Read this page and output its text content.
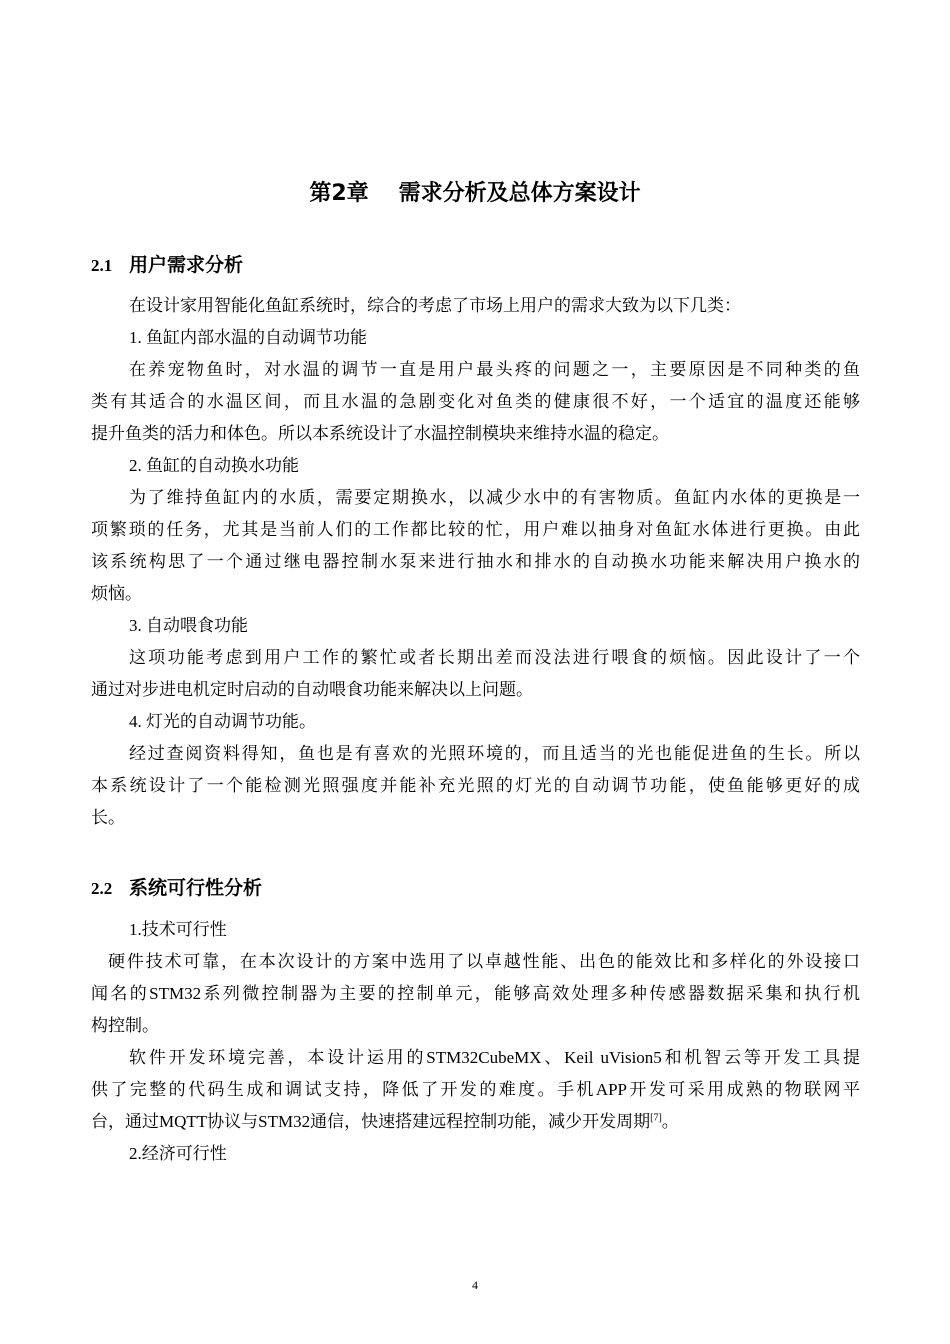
第2章 需求分析及总体方案设计
2.1 用户需求分析
在设计家用智能化鱼缸系统时，综合的考虑了市场上用户的需求大致为以下几类：
1. 鱼缸内部水温的自动调节功能
在养宠物鱼时，对水温的调节一直是用户最头疼的问题之一，主要原因是不同种类的鱼
类有其适合的水温区间，而且水温的急剧变化对鱼类的健康很不好，一个适宜的温度还能够
提升鱼类的活力和体色。所以本系统设计了水温控制模块来维持水温的稳定。
2. 鱼缸的自动换水功能
为了维持鱼缸内的水质，需要定期换水，以减少水中的有害物质。鱼缸内水体的更换是一
项繁琐的任务，尤其是当前人们的工作都比较的忙，用户难以抽身对鱼缸水体进行更换。由此
该系统构思了一个通过继电器控制水泵来进行抽水和排水的自动换水功能来解决用户换水的
烦恼。
3. 自动喂食功能
这项功能考虑到用户工作的繁忙或者长期出差而没法进行喂食的烦恼。因此设计了一个
通过对步进电机定时启动的自动喂食功能来解决以上问题。
4. 灯光的自动调节功能。
经过查阅资料得知，鱼也是有喜欢的光照环境的，而且适当的光也能促进鱼的生长。所以
本系统设计了一个能检测光照强度并能补充光照的灯光的自动调节功能，使鱼能够更好的成
长。
2.2 系统可行性分析
1.技术可行性
硬件技术可靠，在本次设计的方案中选用了以卓越性能、出色的能效比和多样化的外设接口
闻名的STM32系列微控制器为主要的控制单元，能够高效处理多种传感器数据采集和执行机
构控制。
软件开发环境完善，本设计运用的STM32CubeMX、Keil uVision5和机智云等开发工具提
供了完整的代码生成和调试支持，降低了开发的难度。手机APP开发可采用成熟的物联网平
台，通过MQTT协议与STM32通信，快速搭建远程控制功能，减少开发周期[7]。
2.经济可行性
4
